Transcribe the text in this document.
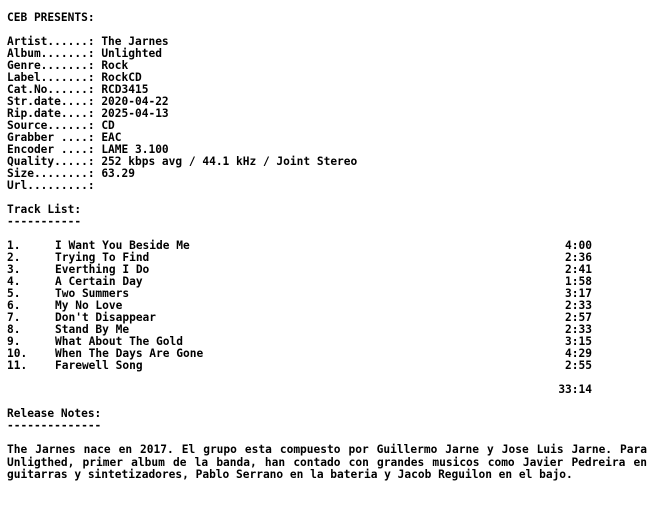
CEB PRESENTS:
Artist......: The Jarnes
Album.......: Unlighted
Genre.......: Rock
Label.......: RockCD
Cat.No......: RCD3415
Str.date....: 2020-04-22
Rip.date....: 2025-04-13
Source......: CD
Grabber ....: EAC
Encoder ....: LAME 3.100
Quality.....: 252 kbps avg / 44.1 kHz / Joint Stereo
Size........: 63.29
Url.........:
Track List:
-----------
1.	I Want You Beside Me	4:00
2.	Trying To Find	2:36
3.	Everthing I Do	2:41
4.	A Certain Day	1:58
5.	Two Summers	3:17
6.	My No Love	2:33
7.	Don't Disappear	2:57
8.	Stand By Me	2:33
9.	What About The Gold	3:15
10. When The Days Are Gone	4:29
11. Farewell Song	2:55
33:14
Release Notes:
--------------
The Jarnes nace en 2017. El grupo esta compuesto por Guillermo Jarne y Jose Luis Jarne. Para Unligthed, primer album de la banda, han contado con grandes musicos como Javier Pedreira en guitarras y sintetizadores, Pablo Serrano en la bateria y Jacob Reguilon en el bajo.
